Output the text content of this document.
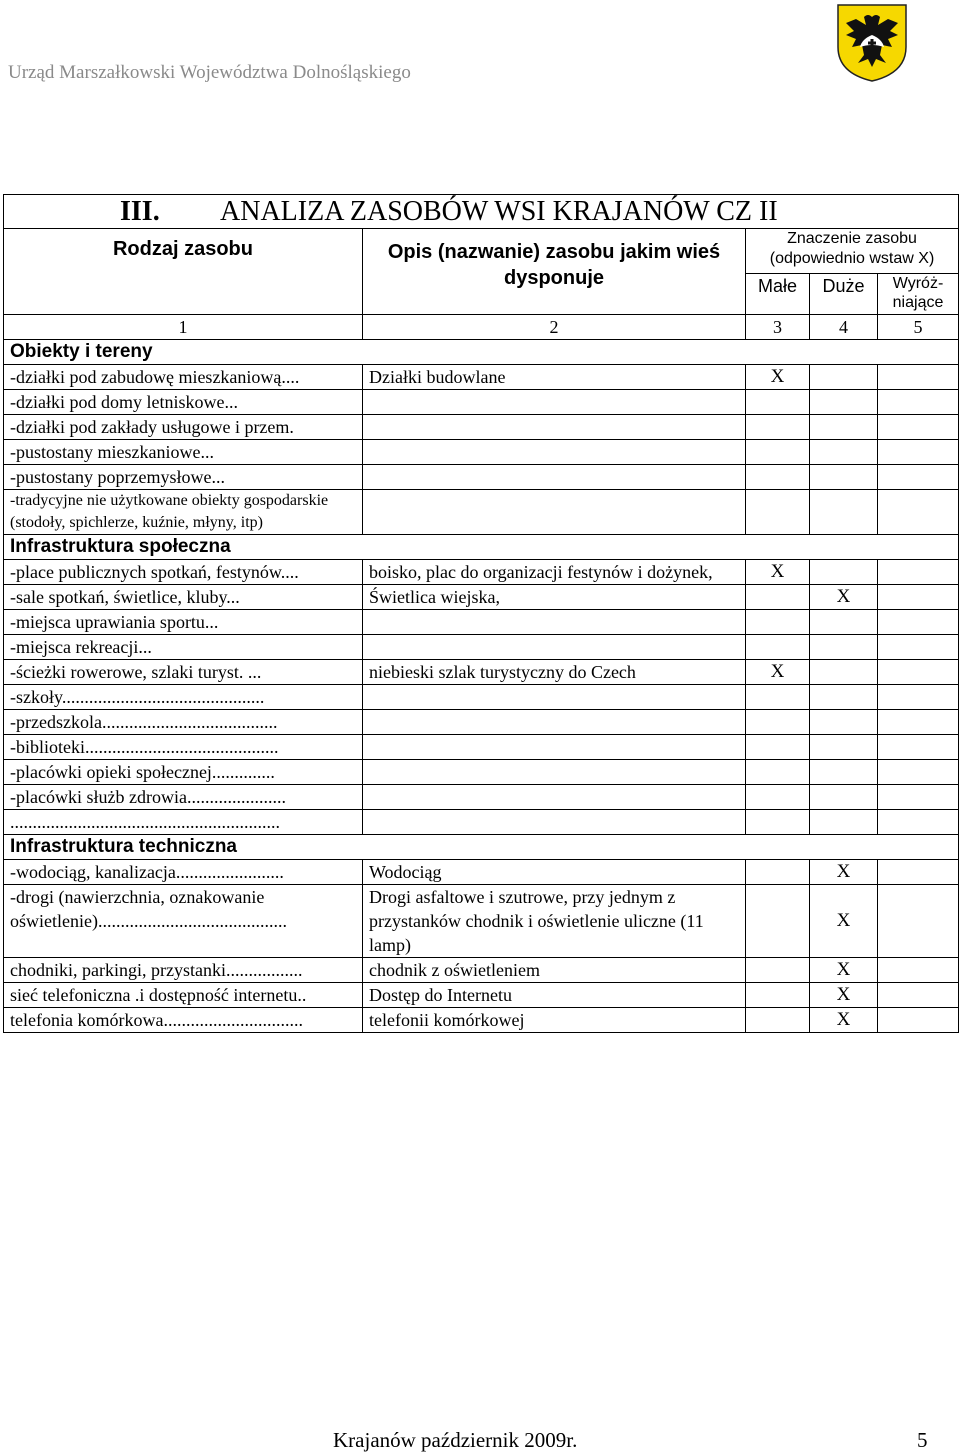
Urząd Marszałkowski Województwa Dolnośląskiego
III. ANALIZA ZASOBÓW WSI KRAJANÓW CZ II				
Rodzaj zasobu	Opis (nazwanie) zasobu jakim wieś dysponuje	Znaczenie zasobu
(odpowiednio wstaw X)		

		Małe	Duże	Wyróż-niające
1	2	3	4	5
Obiekty i tereny				
-działki pod zabudowę mieszkaniową....	Działki budowlane	X		
-działki pod domy letniskowe...				
-działki pod zakłady usługowe i przem.				
-pustostany mieszkaniowe...				
-pustostany poprzemysłowe...				
-tradycyjne nie użytkowane obiekty gospodarskie (stodoły, spichlerze, kuźnie, młyny, itp)				
Infrastruktura społeczna				
-place publicznych spotkań, festynów....	boisko, plac do organizacji festynów i dożynek,	X		
-sale spotkań, świetlice, kluby...	Świetlica wiejska,		X	
-miejsca uprawiania sportu...				
-miejsca rekreacji...				
-ścieżki rowerowe, szlaki turyst. ...	niebieski szlak turystyczny do Czech	X		
-szkoły.............................................				
-przedszkola.......................................				
-biblioteki...........................................				
-placówki opieki społecznej..............				
-placówki służb zdrowia......................				
............................................................				
Infrastruktura techniczna				
-wodociąg, kanalizacja........................	Wodociąg		X	
-drogi (nawierzchnia, oznakowanie oświetlenie)..........................................	Drogi asfaltowe i szutrowe, przy jednym z przystanków chodnik i oświetlenie uliczne (11 lamp)		X	
chodniki, parkingi, przystanki.................	chodnik z oświetleniem		X	
sieć telefoniczna .i dostępność internetu..	Dostęp do Internetu		X	
telefonia komórkowa...............................	telefonii komórkowej		X	
Krajanów październik 2009r.	5
